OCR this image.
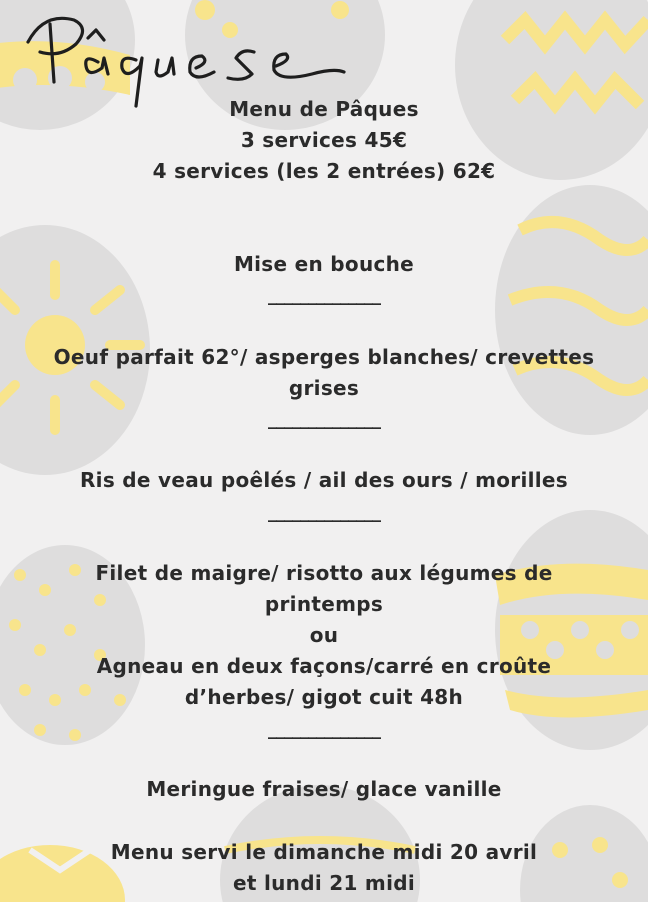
Pâques
Menu de Pâques
3 services 45€
4 services (les 2 entrées) 62€
Mise en bouche
______________
Oeuf parfait 62°/ asperges blanches/ crevettes
grises
______________
Ris de veau poêlés / ail des ours / morilles
______________
Filet de maigre/ risotto aux légumes de
printemps
ou
Agneau en deux façons/carré en croûte
d’herbes/ gigot cuit 48h
______________
Meringue fraises/ glace vanille
Menu servi le dimanche midi 20 avril
et lundi 21 midi
